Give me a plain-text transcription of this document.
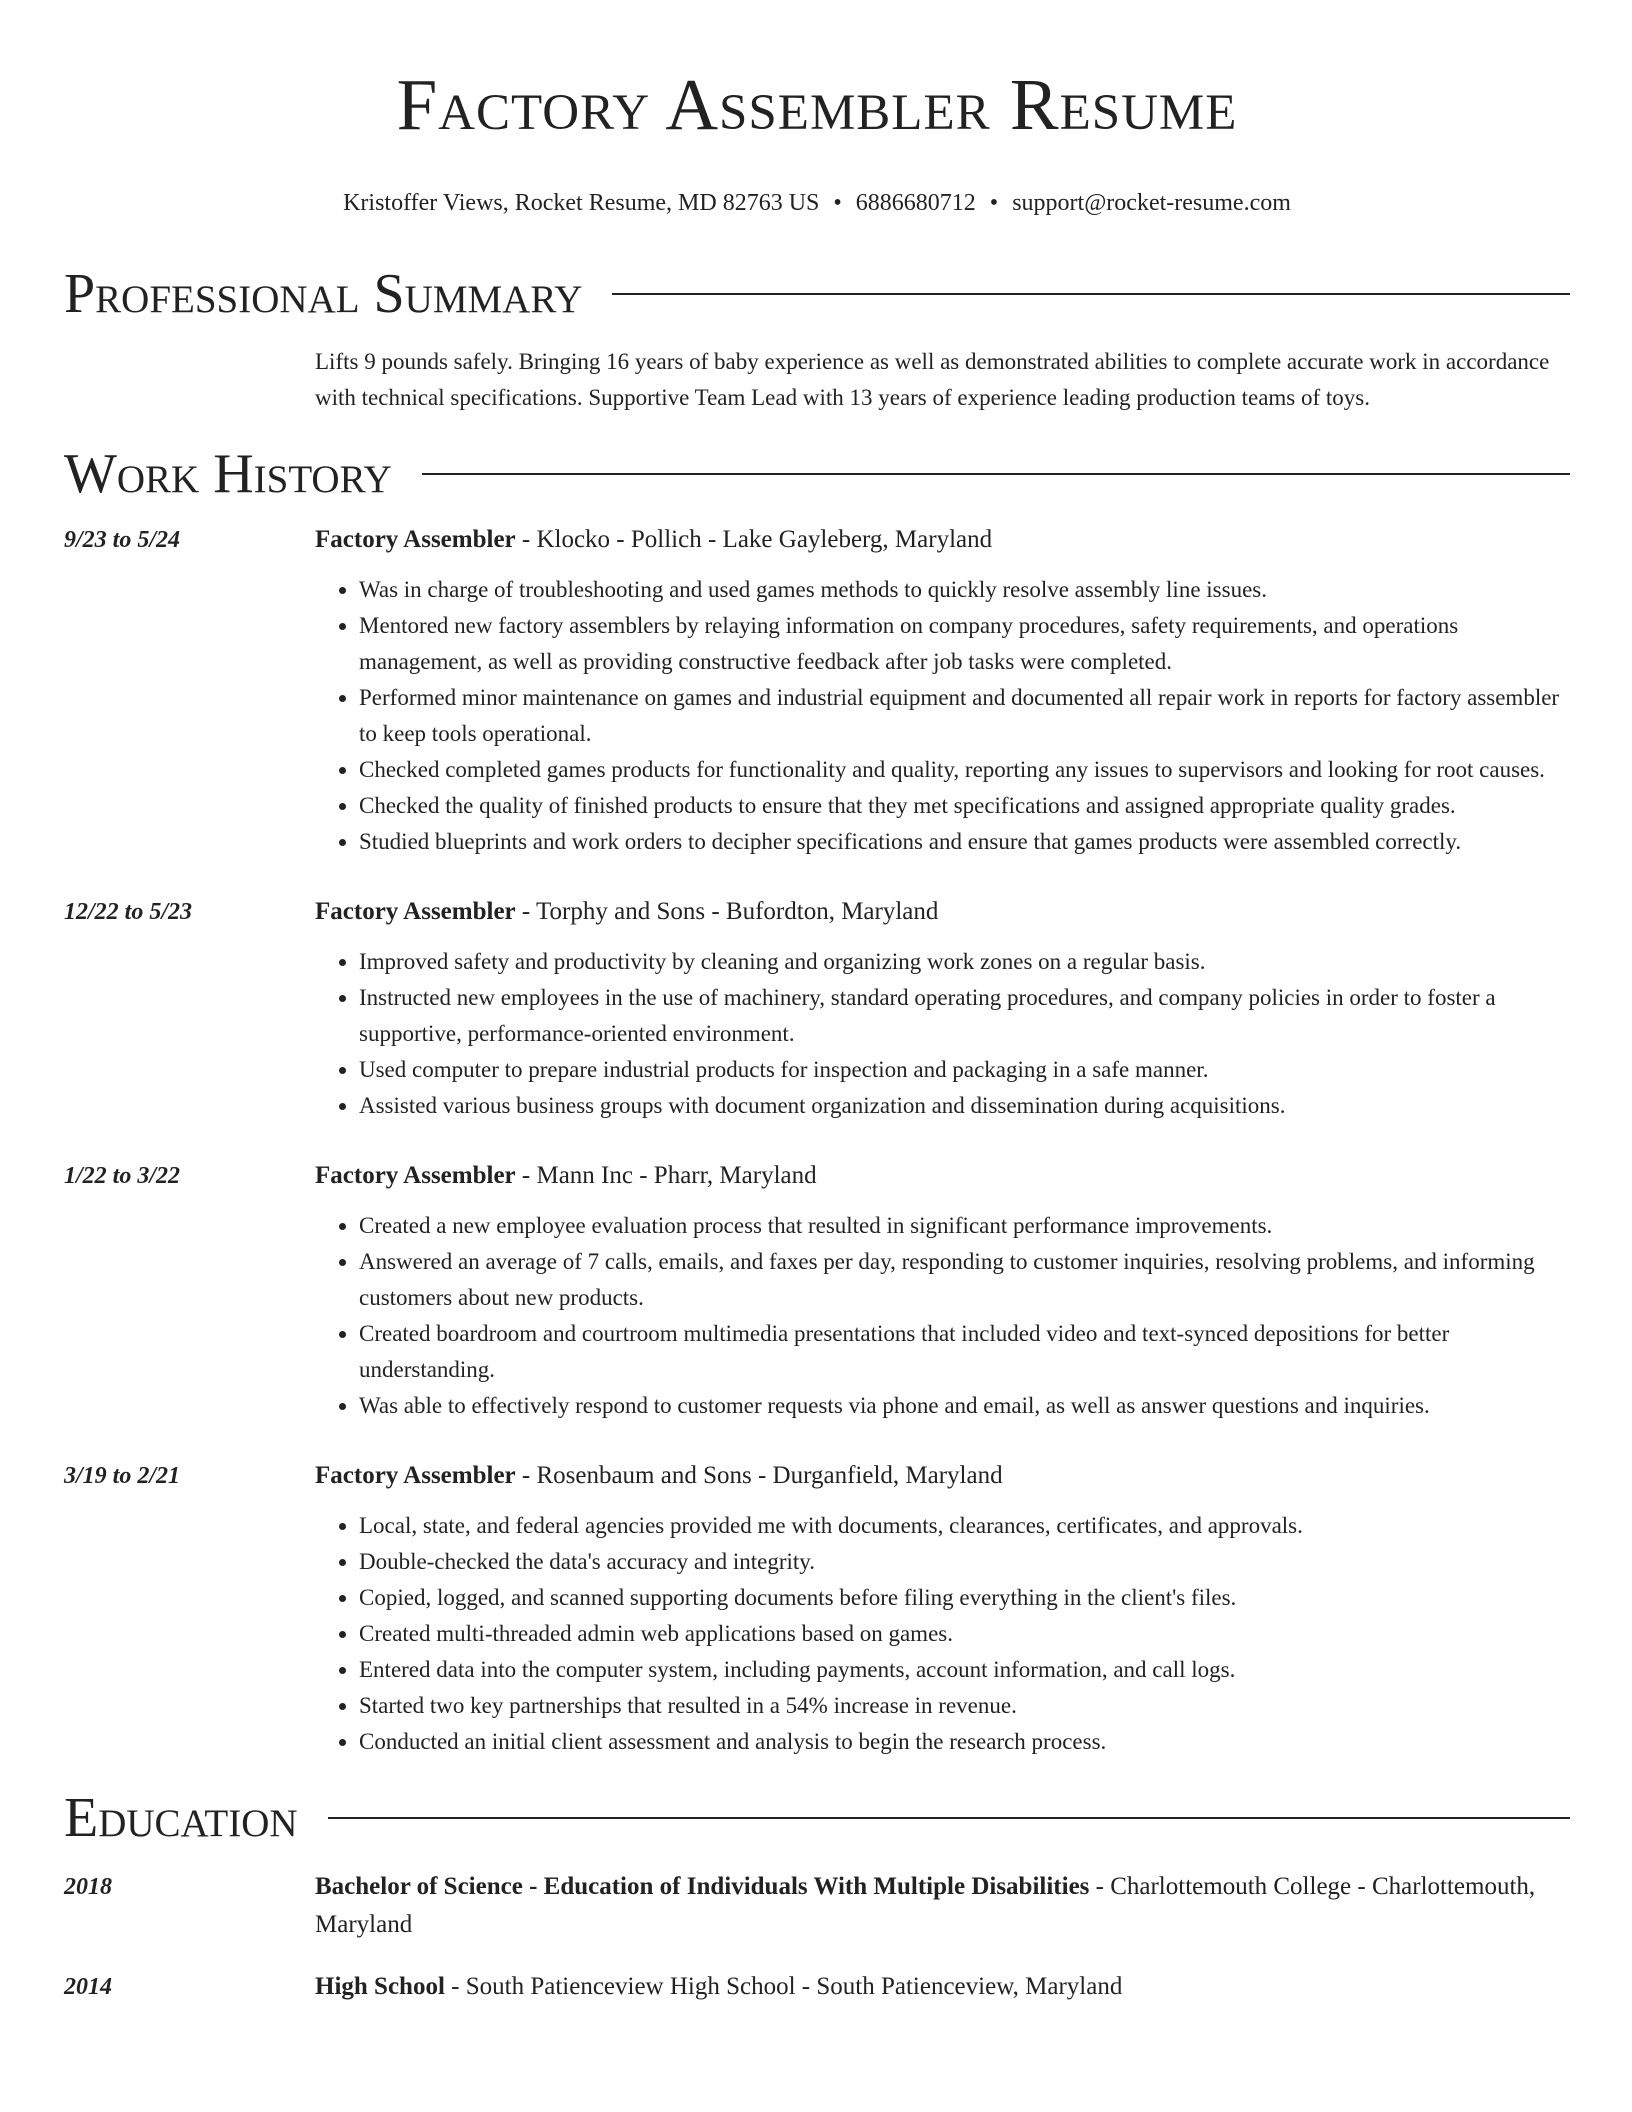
Factory Assembler Resume
Kristoffer Views, Rocket Resume, MD 82763 US • 6886680712 • support@rocket-resume.com
Professional Summary
Lifts 9 pounds safely. Bringing 16 years of baby experience as well as demonstrated abilities to complete accurate work in accordance with technical specifications. Supportive Team Lead with 13 years of experience leading production teams of toys.
Work History
9/23 to 5/24	Factory Assembler - Klocko - Pollich - Lake Gayleberg, Maryland
• Was in charge of troubleshooting and used games methods to quickly resolve assembly line issues.
• Mentored new factory assemblers by relaying information on company procedures, safety requirements, and operations management, as well as providing constructive feedback after job tasks were completed.
• Performed minor maintenance on games and industrial equipment and documented all repair work in reports for factory assembler to keep tools operational.
• Checked completed games products for functionality and quality, reporting any issues to supervisors and looking for root causes.
• Checked the quality of finished products to ensure that they met specifications and assigned appropriate quality grades.
• Studied blueprints and work orders to decipher specifications and ensure that games products were assembled correctly.
12/22 to 5/23	Factory Assembler - Torphy and Sons - Bufordton, Maryland
• Improved safety and productivity by cleaning and organizing work zones on a regular basis.
• Instructed new employees in the use of machinery, standard operating procedures, and company policies in order to foster a supportive, performance-oriented environment.
• Used computer to prepare industrial products for inspection and packaging in a safe manner.
• Assisted various business groups with document organization and dissemination during acquisitions.
1/22 to 3/22	Factory Assembler - Mann Inc - Pharr, Maryland
• Created a new employee evaluation process that resulted in significant performance improvements.
• Answered an average of 7 calls, emails, and faxes per day, responding to customer inquiries, resolving problems, and informing customers about new products.
• Created boardroom and courtroom multimedia presentations that included video and text-synced depositions for better understanding.
• Was able to effectively respond to customer requests via phone and email, as well as answer questions and inquiries.
3/19 to 2/21	Factory Assembler - Rosenbaum and Sons - Durganfield, Maryland
• Local, state, and federal agencies provided me with documents, clearances, certificates, and approvals.
• Double-checked the data's accuracy and integrity.
• Copied, logged, and scanned supporting documents before filing everything in the client's files.
• Created multi-threaded admin web applications based on games.
• Entered data into the computer system, including payments, account information, and call logs.
• Started two key partnerships that resulted in a 54% increase in revenue.
• Conducted an initial client assessment and analysis to begin the research process.
Education
2018	Bachelor of Science - Education of Individuals With Multiple Disabilities - Charlottemouth College - Charlottemouth, Maryland
2014	High School - South Patienceview High School - South Patienceview, Maryland
